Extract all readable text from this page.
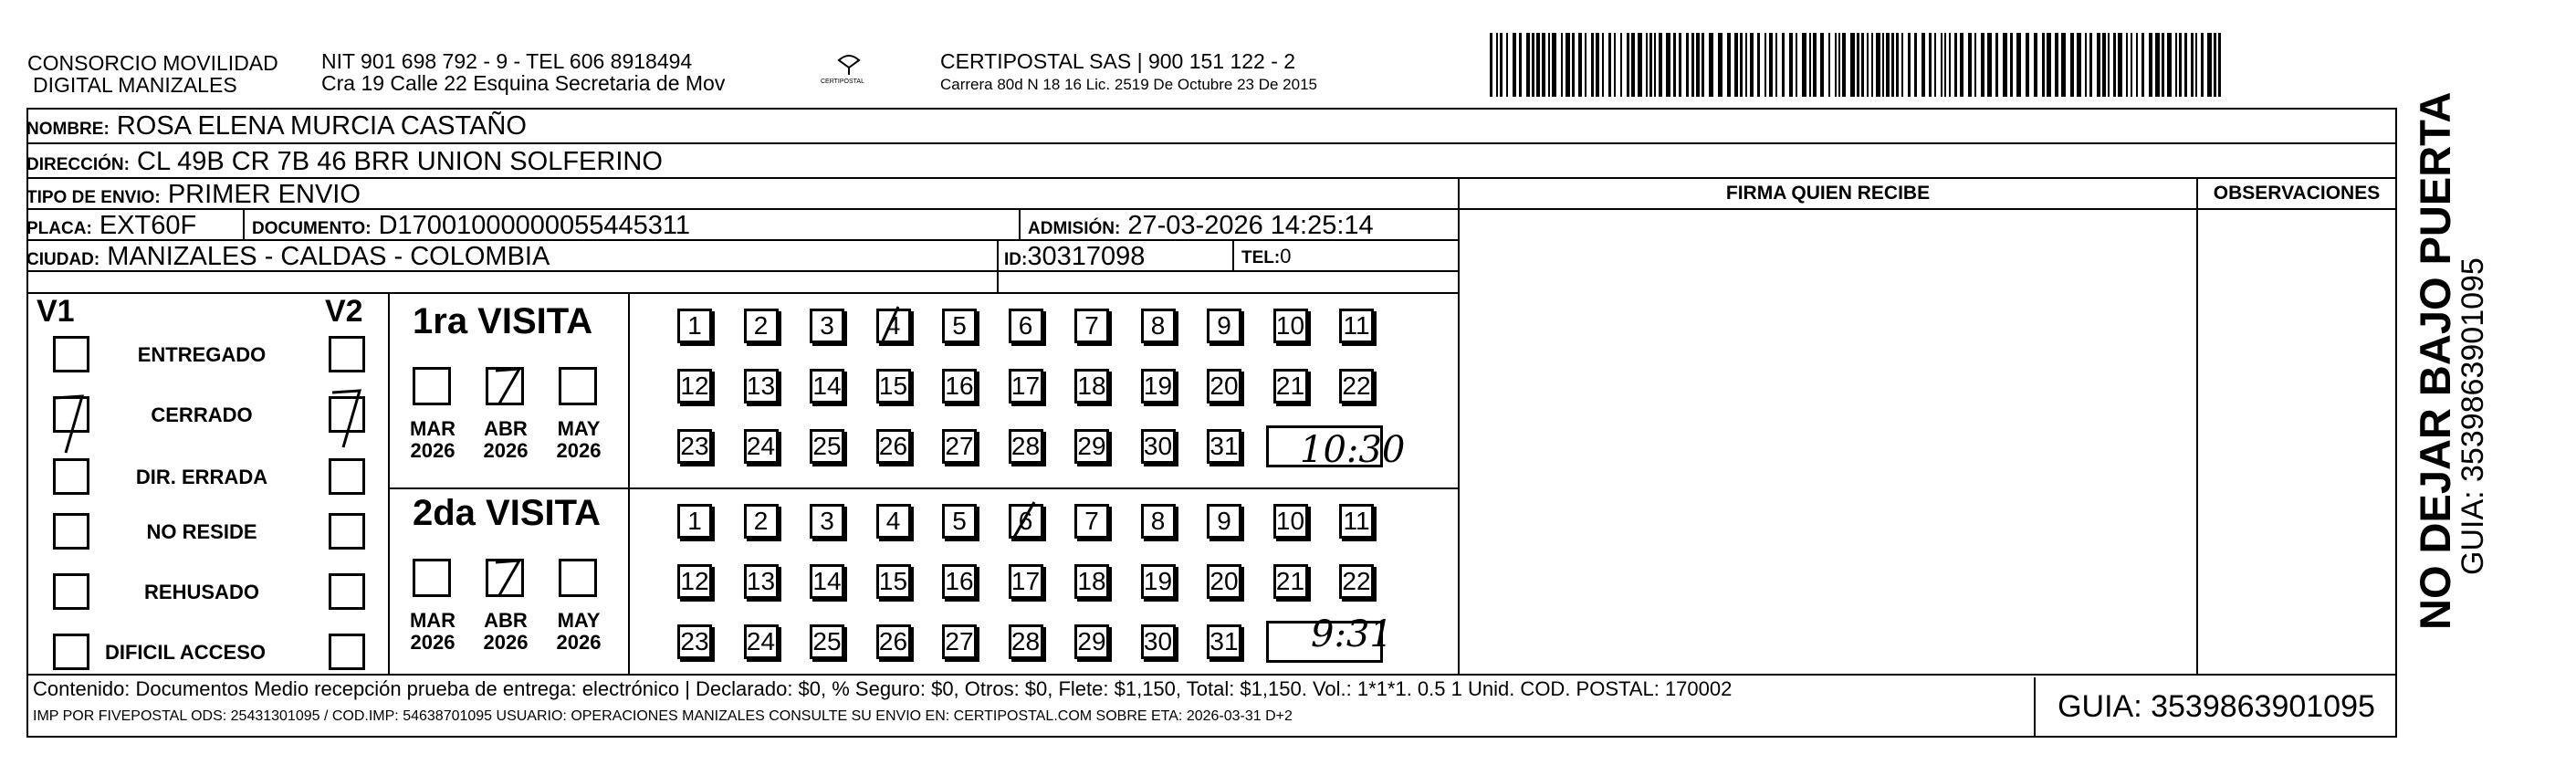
CONSORCIO MOVILIDAD
DIGITAL MANIZALES
NIT 901 698 792 - 9 - TEL 606 8918494
Cra 19 Calle 22 Esquina Secretaria de Mov	CERTIPOSTAL
CERTIPOSTAL SAS | 900 151 122 - 2
Carrera 80d N 18 16 Lic. 2519 De Octubre 23 De 2015
NOMBRE: ROSA ELENA MURCIA CASTAÑO
DIRECCIÓN: CL 49B CR 7B 46 BRR UNION SOLFERINO
TIPO DE ENVIO: PRIMER ENVIO
PLACA: EXT60F	DOCUMENTO: D17001000000055445311	ADMISIÓN: 27-03-2026 14:25:14
CIUDAD: MANIZALES - CALDAS - COLOMBIA	ID:30317098	TEL:0
FIRMA QUIEN RECIBE	OBSERVACIONES
V1	V2
ENTREGADO
CERRADO
DIR. ERRADA
NO RESIDE
REHUSADO
DIFICIL ACCESO
1ra VISITA
2da VISITA
MAR
2026
ABR
2026
MAY
2026
MAR
2026
ABR
2026
MAY
2026
1	2	3	4	5	6	7	8	9	10 11
12 13 14 15 16 17 18 19 20 21 22
23 24 25 26 27 28 29 30 31
1	2	3	4	5	6	7	8	9	10 11
12 13 14 15 16 17 18 19 20 21 22
23 24 25 26 27 28 29 30 31
10:30
9:31
Contenido: Documentos Medio recepción prueba de entrega: electrónico | Declarado: $0, % Seguro: $0, Otros: $0, Flete: $1,150, Total: $1,150. Vol.: 1*1*1. 0.5 1 Unid. COD. POSTAL: 170002
IMP POR FIVEPOSTAL ODS: 25431301095 / COD.IMP: 54638701095 USUARIO: OPERACIONES MANIZALES CONSULTE SU ENVIO EN: CERTIPOSTAL.COM SOBRE ETA: 2026-03-31 D+2	GUIA: 3539863901095
NO DEJAR BAJO PUERTA
GUIA: 3539863901095
